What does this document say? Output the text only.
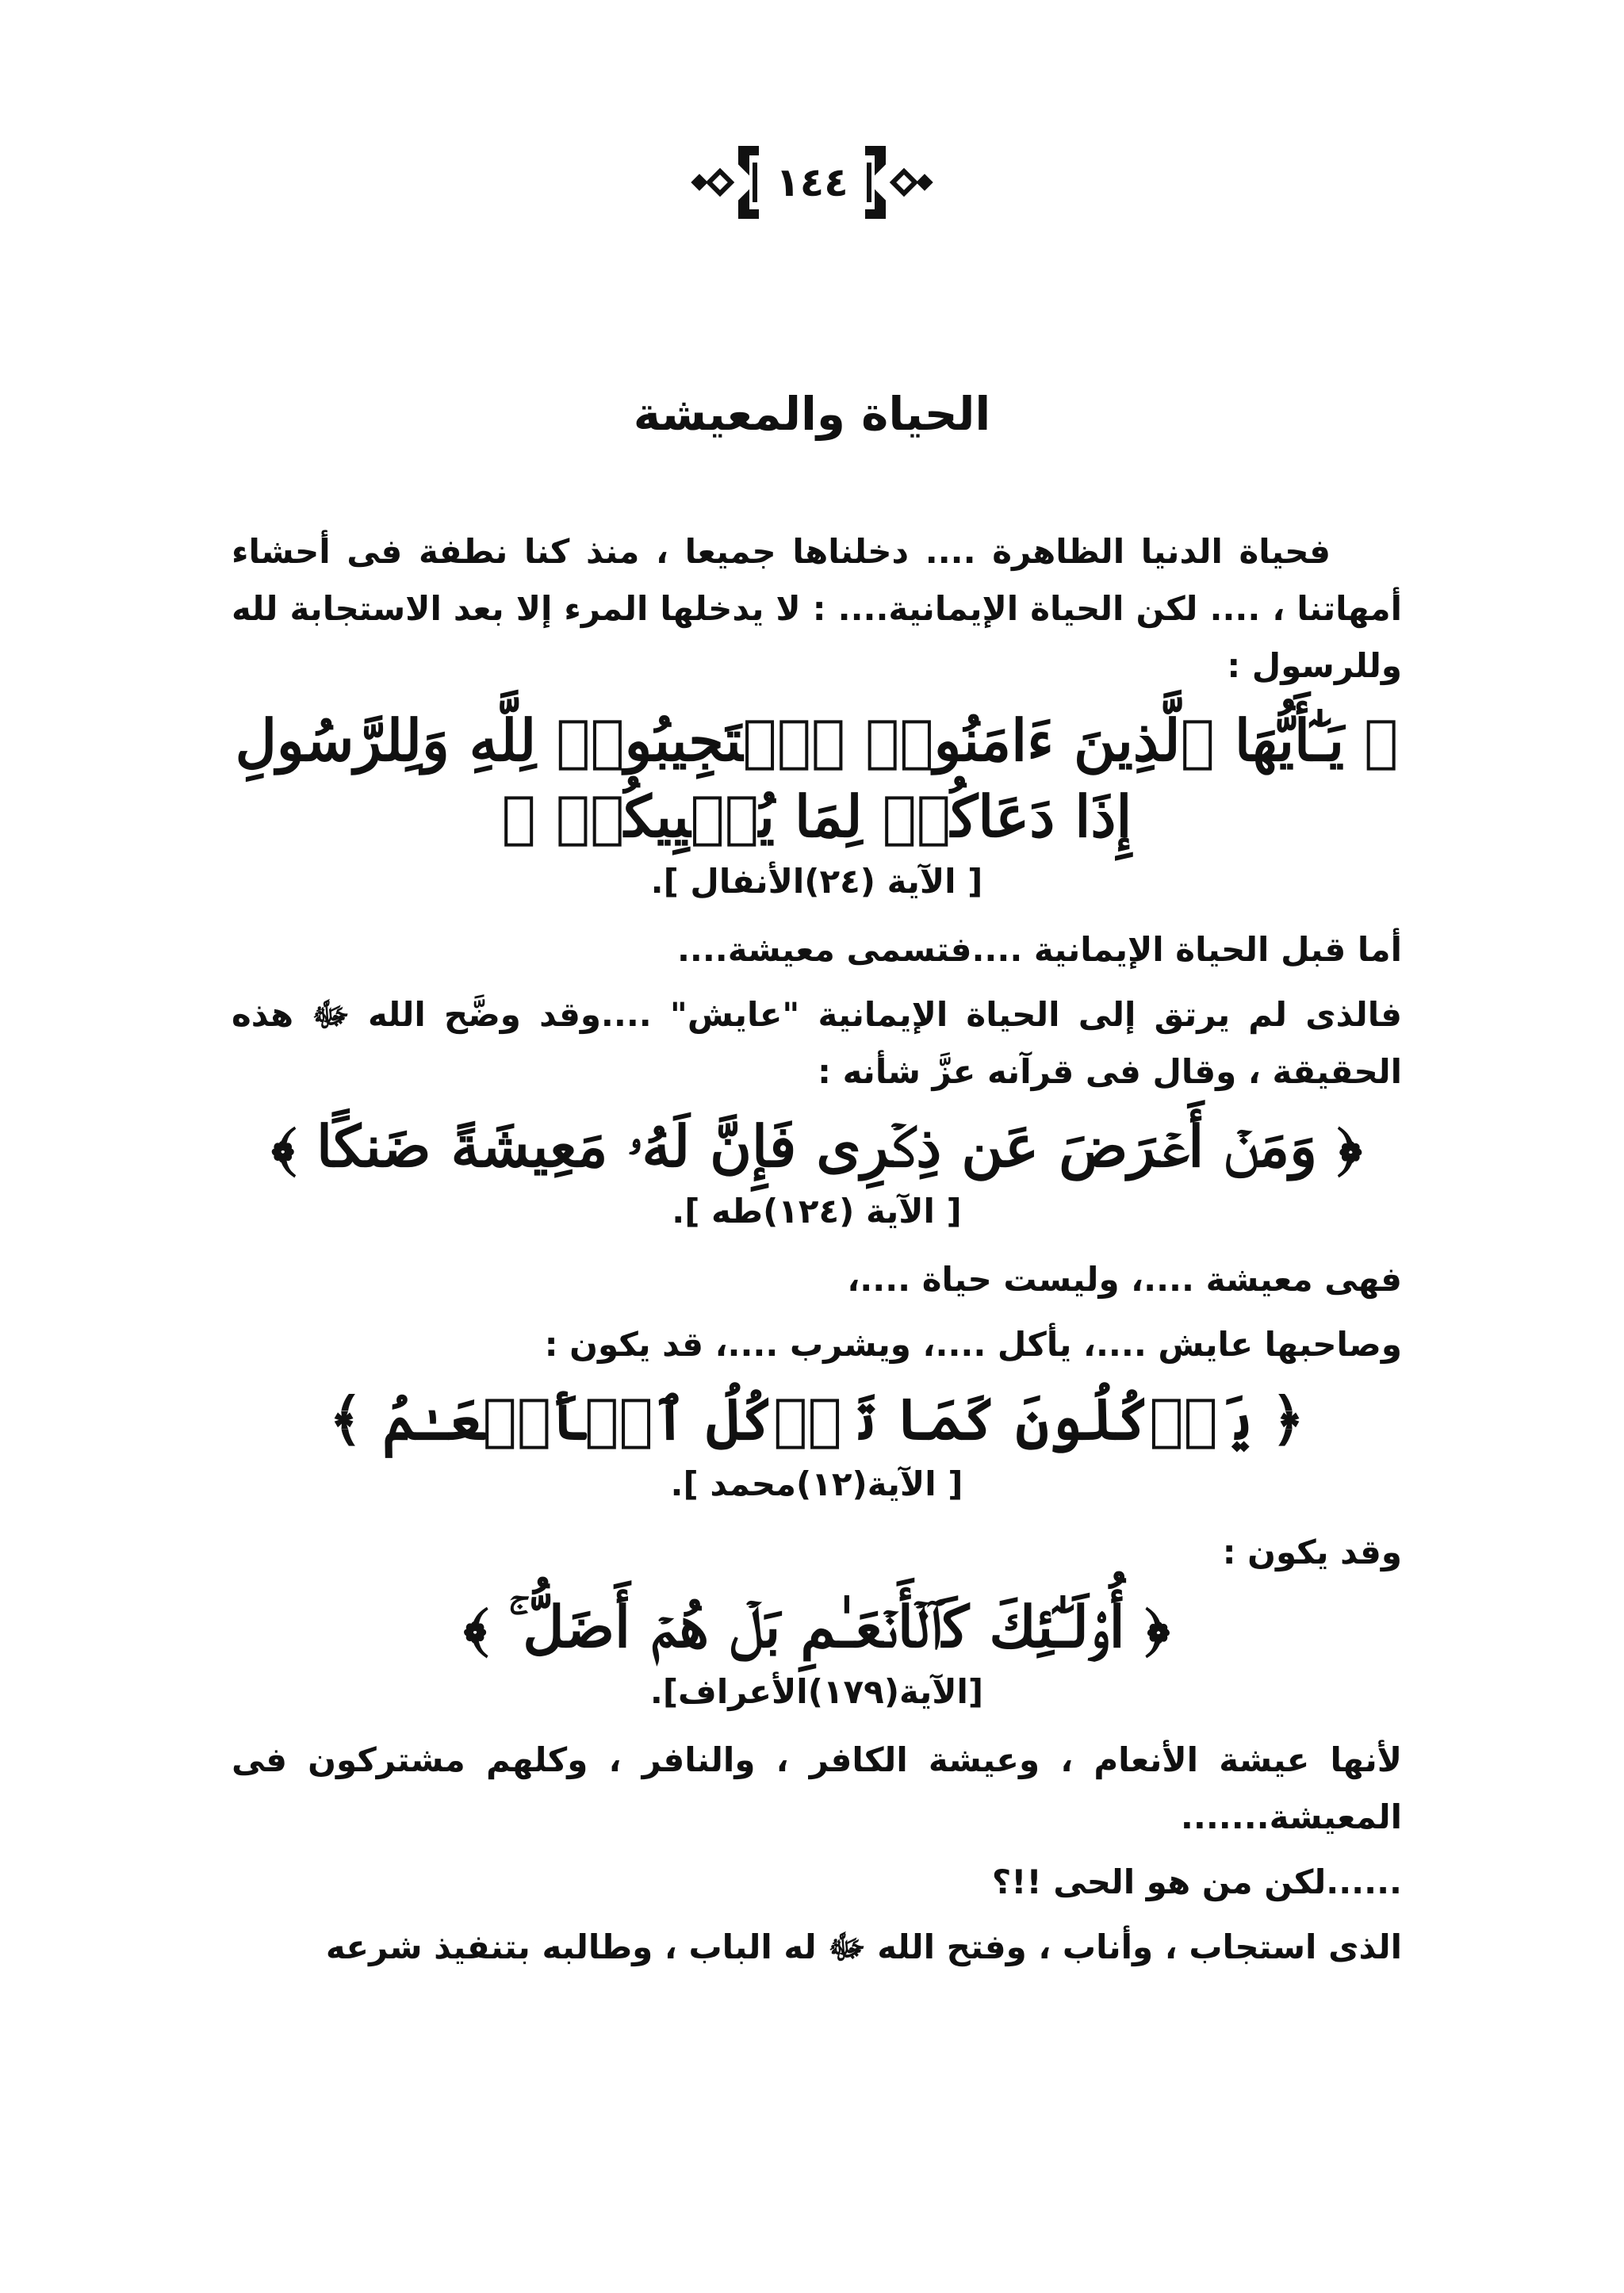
١٤٤
الحياة والمعيشة

فحياة الدنيا الظاهرة .... دخلناها جميعا ، منذ كنا نطفة فى أحشاء أمهاتنا ، .... لكن الحياة الإيمانية.... : لا يدخلها المرء إلا بعد الاستجابة لله وللرسول :

﴿ يَـٰٓأَيُّهَا ٱلَّذِينَ ءَامَنُوا۟ ٱسۡتَجِيبُوا۟ لِلَّهِ وَلِلرَّسُولِ إِذَا دَعَاكُمۡ لِمَا يُحۡيِيكُمۡ ﴾
[ الآية (٢٤)الأنفال ].

أما قبل الحياة الإيمانية ....فتسمى معيشة....

فالذى لم يرتق إلى الحياة الإيمانية "عايش" ....وقد وضَّح الله ﷻ هذه الحقيقة ، وقال فى قرآنه عزَّ شأنه :

﴿ وَمَنۡ أَعۡرَضَ عَن ذِكۡرِى فَإِنَّ لَهُۥ مَعِيشَةً ضَنكًا ﴾
[ الآية (١٢٤)طه ].

فهى معيشة ....، وليست حياة ....،

وصاحبها عايش ....، يأكل ....، ويشرب ....، قد يكون :

﴿ يَأۡكُلُونَ كَمَا تَأۡكُلُ ٱلۡأَنۡعَـٰمُ ﴾
[ الآية(١٢)محمد ].

وقد يكون :

﴿ أُو۟لَـٰٓئِكَ كَٱلۡأَنۡعَـٰمِ بَلۡ هُمۡ أَضَلُّ ۚ ﴾
[الآية(١٧٩)الأعراف].

لأنها عيشة الأنعام ، وعيشة الكافر ، والنافر ، وكلهم مشتركون فى المعيشة.......

......لكن من هو الحى !!؟

الذى استجاب ، وأناب ، وفتح الله ﷻ له الباب ، وطالبه بتنفيذ شرعه
